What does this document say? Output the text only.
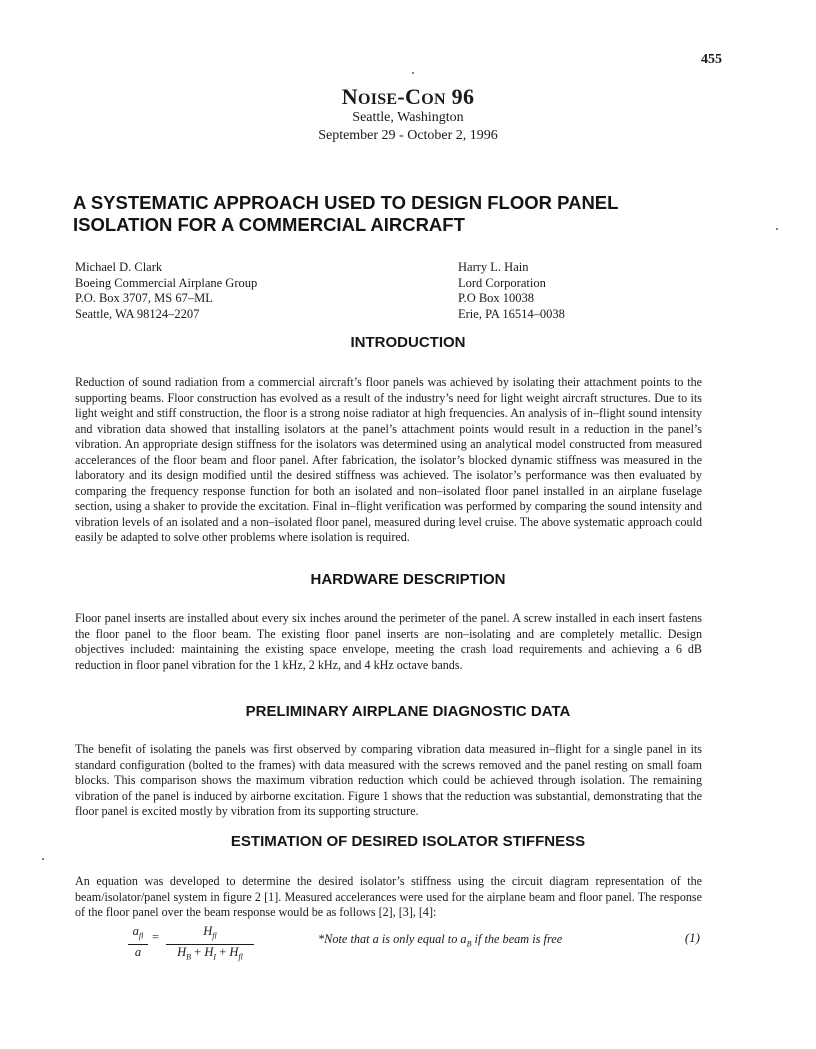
455
NOISE-CON 96
Seattle, Washington
September 29 - October 2, 1996
A SYSTEMATIC APPROACH USED TO DESIGN FLOOR PANEL
ISOLATION FOR A COMMERCIAL AIRCRAFT
Michael D. Clark
Boeing Commercial Airplane Group
P.O. Box 3707, MS 67–ML
Seattle, WA 98124–2207
Harry L. Hain
Lord Corporation
P.O Box 10038
Erie, PA 16514–0038
INTRODUCTION
Reduction of sound radiation from a commercial aircraft’s floor panels was achieved by isolating their attachment points to the supporting beams. Floor construction has evolved as a result of the industry’s need for light weight aircraft structures. Due to its light weight and stiff construction, the floor is a strong noise radiator at high frequencies. An analysis of in–flight sound intensity and vibration data showed that installing isolators at the panel’s attachment points would result in a reduction in the panel’s vibration. An appropriate design stiffness for the isolators was determined using an analytical model constructed from measured accelerances of the floor beam and floor panel. After fabrication, the isolator’s blocked dynamic stiffness was measured in the laboratory and its design modified until the desired stiffness was achieved. The isolator’s performance was then evaluated by comparing the frequency response function for both an isolated and non–isolated floor panel installed in an airplane fuselage section, using a shaker to provide the excitation. Final in–flight verification was performed by comparing the sound intensity and vibration levels of an isolated and a non–isolated floor panel, measured during level cruise. The above systematic approach could easily be adapted to solve other problems where isolation is required.
HARDWARE DESCRIPTION
Floor panel inserts are installed about every six inches around the perimeter of the panel. A screw installed in each insert fastens the floor panel to the floor beam. The existing floor panel inserts are non–isolating and are completely metallic. Design objectives included: maintaining the existing space envelope, meeting the crash load requirements and achieving a 6 dB reduction in floor panel vibration for the 1 kHz, 2 kHz, and 4 kHz octave bands.
PRELIMINARY AIRPLANE DIAGNOSTIC DATA
The benefit of isolating the panels was first observed by comparing vibration data measured in–flight for a single panel in its standard configuration (bolted to the frames) with data measured with the screws removed and the panel resting on small foam blocks. This comparison shows the maximum vibration reduction which could be achieved through isolation. The remaining vibration of the panel is induced by airborne excitation. Figure 1 shows that the reduction was substantial, demonstrating that the floor panel is excited mostly by vibration from its supporting structure.
ESTIMATION OF DESIRED ISOLATOR STIFFNESS
An equation was developed to determine the desired isolator’s stiffness using the circuit diagram representation of the beam/isolator/panel system in figure 2 [1]. Measured accelerances were used for the airplane beam and floor panel. The response of the floor panel over the beam response would be as follows [2], [3], [4]:
$a_{fl}$
a
=	$H_{fl}$
$H_B + H_I + H_{fl}$
*Note that a is only equal to $a_B$ if the beam is free	(1)
